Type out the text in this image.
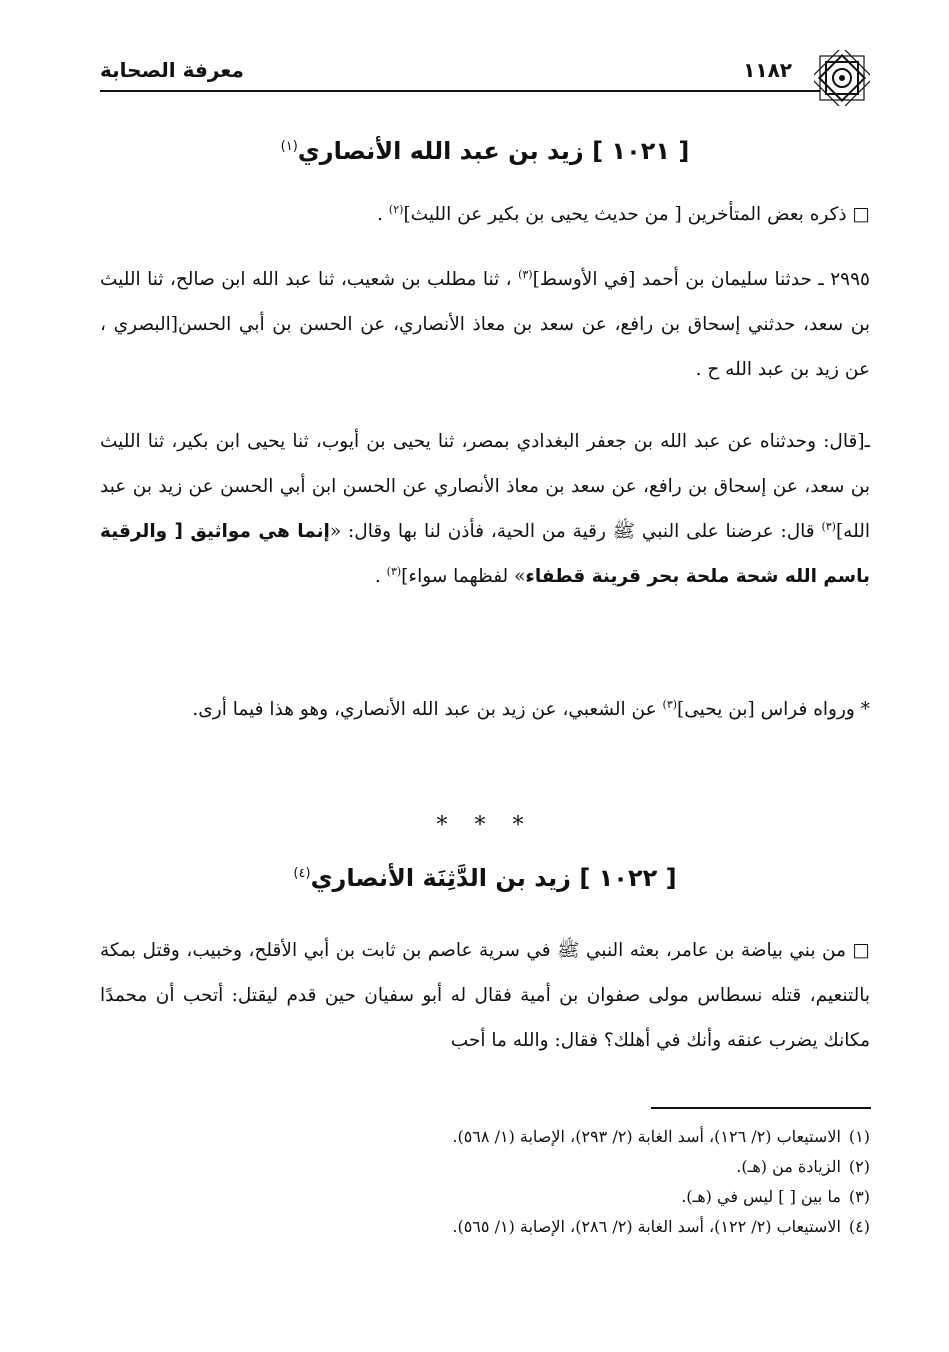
١١٨٢
معرفة الصحابة
[ ١٠٢١ ] زيد بن عبد الله الأنصاري$^{(١)}$
□ ذكره بعض المتأخرين [ من حديث يحيى بن بكير عن الليث]$^{(٢)}$ .
٢٩٩٥ ـ حدثنا سليمان بن أحمد [في الأوسط]$^{(٣)}$ ، ثنا مطلب بن شعيب، ثنا عبد الله ابن صالح، ثنا الليث بن سعد، حدثني إسحاق بن رافع، عن سعد بن معاذ الأنصاري، عن الحسن بن أبي الحسن[البصري ، عن زيد بن عبد الله ح .
ـ[قال: وحدثناه عن عبد الله بن جعفر البغدادي بمصر، ثنا يحيى بن أيوب، ثنا يحيى ابن بكير، ثنا الليث بن سعد، عن إسحاق بن رافع، عن سعد بن معاذ الأنصاري عن الحسن ابن أبي الحسن عن زيد بن عبد الله]$^{(٣)}$ قال: عرضنا على النبي ﷺ رقية من الحية، فأذن لنا بها وقال: «إنما هي مواثيق [ والرقية باسم الله شحة ملحة بحر قرينة قطفاء» لفظهما سواء]$^{(٣)}$ .
* ورواه فراس [بن يحيى]$^{(٣)}$ عن الشعبي، عن زيد بن عبد الله الأنصاري، وهو هذا فيما أرى.
* * *
[ ١٠٢٢ ] زيد بن الدَّثِنَة الأنصاري$^{(٤)}$
□ من بني بياضة بن عامر، بعثه النبي ﷺ في سرية عاصم بن ثابت بن أبي الأقلح، وخبيب، وقتل بمكة بالتنعيم، قتله نسطاس مولى صفوان بن أمية فقال له أبو سفيان حين قدم ليقتل: أتحب أن محمدًا مكانك يضرب عنقه وأنك في أهلك؟ فقال: والله ما أحب
(١)الاستيعاب (٢/ ١٢٦)، أسد الغابة (٢/ ٢٩٣)، الإصابة (١/ ٥٦٨).
(٢)الزيادة من (هـ).
(٣)ما بين [ ] ليس في (هـ).
(٤)الاستيعاب (٢/ ١٢٢)، أسد الغابة (٢/ ٢٨٦)، الإصابة (١/ ٥٦٥).
